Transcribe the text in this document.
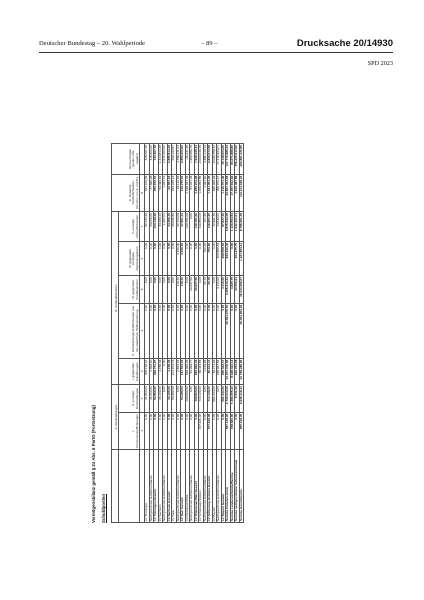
Deutscher Bundestag – 20. Wahlperiode	– 89 –	Drucksache 20/14930
SPD 2023
Vermögensbilanz gemäß § 24 Abs. 6 PartG (Fortsetzung) Schuldposten
	A. Rückstellungen		B. Verbindlichkeiten					C. Gesamte Verbindlichkeiten (Summe von A. und B.)	Reinvermögen (positiv oder negativ)
	I. Pensionsverpflichtungen	II. sonstige Rückstellungen	I. gegenüber Gliederungen	II. Rückzahlungsverpflichtungen aus der staatlichen Teilfinanzierung	III. gegenüber Kreditinstituten	IV. gegenüber sonstigen Darlehensgebern	V. sonstige Verbindlichkeiten		
	1	2	3	4	5	6	7	8	
LV Thüringen	0,00	21.860,00	305.168,97	0,00	0,00	0,00	80.142,29	323.106,56	315.067,78
Nachgeordnete Gebietsverbände	0,00	31.000,00	1.553,00	0,00	0,00	0,00	43.006,00	27.565,98	415.200,00
LV Thüringen Gesamt	0,00	52.860,00	306.721,97	0,00	0,00	0,00	123.148,29	350.672,54	730.267,78
LV Sachsen	0,00	20.100,00	4.158,36	0,00	0,00	0,00	33.189,14	59.390,62	1.314.814,48
Nachgeordnete Gebietsverbände	0,00	0,00	0,00	0,00	0,00	0,00	1.267,01	1.267,01	1.571.000,00
LV Sachsen Gesamt	0,00	20.100,00	4.158,36	0,00	0,00	0,00	34.456,15	60.657,63	2.885.814,48
LV Saar	0,00	53.380,00	104.679,76	0,00	0,00	0,00	25.098,36	183.158,12	296.192,87
Nachgeordnete Gebietsverbände	0,00	0,00	2.844,24	0,00	119,40	3.426,00	22.723,05	29.112,69	2.560.111,03
LV Saar Gesamt	0,00	53.380,00	107.524,00	0,00	119,40	3.426,00	47.821,41	212.270,81	2.856.303,90
LV Rheinland-Pfalz	0,00	199.860,00	848.996,26	0,00	0,00	0,00	149.781,06	1.198.637,32	-36.941,45
Nachgeordnete Gebietsverbände	0,00	0,00	54.999,77	0,00	26.637,59	0,00	0,00	81.637,36	7.965.286,79
LV Rheinland-Pfalz Gesamt	0,00	199.860,00	903.996,03	0,00	26.637,59	0,00	149.781,06	1.280.274,68	7.928.345,34
LV Schleswig-Holstein	157.640,00	713.120,00	38.443,55	0,00	0,00	0,00	119.850,00	1.029.053,55	-2.066.046,15
Nachgeordnete Gebietsverbände	0,00	0,00	1.169,86	0,00	20,79	700,00	107,25	1.997,90	4.896.119,73
LV Schleswig-Holstein Gesamt	157.640,00	713.120,00	39.613,41	0,00	20,79	700,00	119.957,25	1.031.051,45	2.830.073,58
LV Bayern	0,00	581.234,00	36.774,93	0,00	0,00	0,00	72.991,36	690.999,29	-2.099.758,42
Nachgeordnete Gebietsverbände	0,00	0,00	228.557,54	0,00	3.110,00	208.558,53	14.846,00	455.072,07	17.248.363,07
LV Bayern Gesamt	0,00	581.234,00	265.332,47	0,00	3.110,00	208.558,53	87.837,36	1.146.071,36	15.148.604,65
Summe Parteivorstand	587.125,00	2.720.613,00	23.971.079,86	28.394.276,00	3.385.213,24	932.226,40	6.876.532,08	66.867.064,58	127.776.985,34
Summe Landesverbände/Bezirke	158.083,00	7.383.055,43	8.638.343,12	0,00	4.825,75	0,00	1.123.504,54	17.357.812,84	83.671.889,80
Summe nachgeordneter Gebietsverbände	0,00	5.001,00	622.254,68	0,00	32.056,64	254.975,75	1.032.421,01	1.946.387,88	359.460.912,95
Summe Gesamtpartei	555.018,00	5.935.418,34	32.758.289,86	28.494.653,26	36.044.659,67	1.167.803,31	8.788.981,38	112.213.638,26	290.881.330,85
